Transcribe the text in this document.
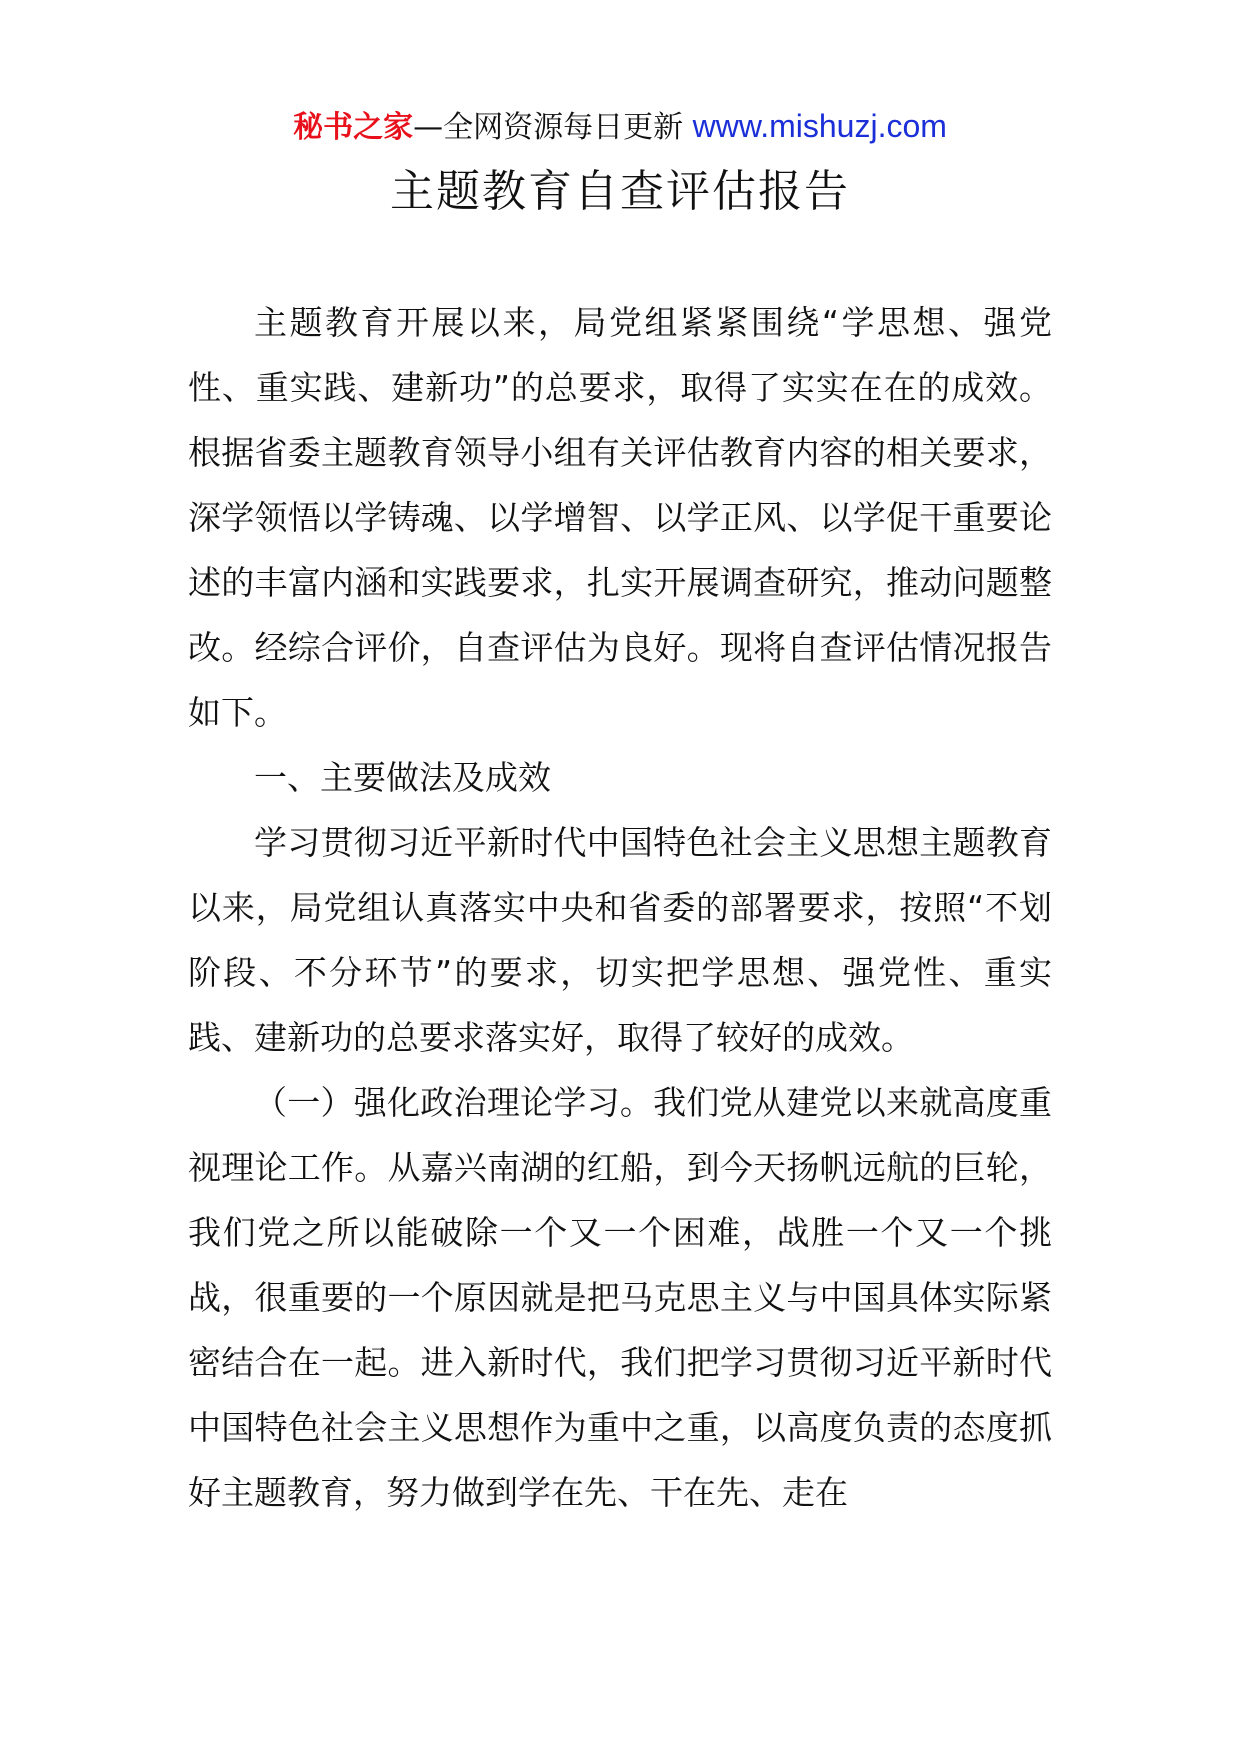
秘书之家—全网资源每日更新 www.mishuzj.com
主题教育自查评估报告

主题教育开展以来，局党组紧紧围绕“学思想、强党性、重实践、建新功”的总要求，取得了实实在在的成效。根据省委主题教育领导小组有关评估教育内容的相关要求，深学领悟以学铸魂、以学增智、以学正风、以学促干重要论述的丰富内涵和实践要求，扎实开展调查研究，推动问题整改。经综合评价，自查评估为良好。现将自查评估情况报告如下。

一、主要做法及成效

学习贯彻习近平新时代中国特色社会主义思想主题教育以来，局党组认真落实中央和省委的部署要求，按照“不划阶段、不分环节”的要求，切实把学思想、强党性、重实践、建新功的总要求落实好，取得了较好的成效。

（一）强化政治理论学习。我们党从建党以来就高度重视理论工作。从嘉兴南湖的红船，到今天扬帆远航的巨轮，我们党之所以能破除一个又一个困难，战胜一个又一个挑战，很重要的一个原因就是把马克思主义与中国具体实际紧密结合在一起。进入新时代，我们把学习贯彻习近平新时代中国特色社会主义思想作为重中之重，以高度负责的态度抓好主题教育，努力做到学在先、干在先、走在
